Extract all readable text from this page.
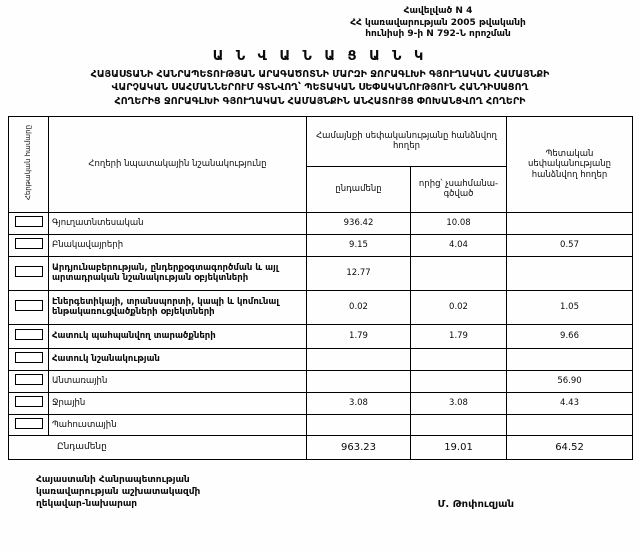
Հավելված N 4
ՀՀ կառավարության 2005 թվականի
հունիսի 9-ի N 792-Ն որոշման
Ա Ն Վ Ա Ն Ա Ց Ա Ն Կ
ՀԱՅԱՍՏԱՆԻ ՀԱՆՐԱՊԵՏՈՒԹՅԱՆ ԱՐԱԳԱԾՈՏՆԻ ՄԱՐԶԻ ՋՈՐԱԳԼԽԻ ԳՅՈՒՂԱԿԱՆ ՀԱՄԱՅՆՔԻ
ՎԱՐՉԱԿԱՆ ՍԱՀՄԱՆՆԵՐՈՒՄ ԳՏՆՎՈՂ՝ ՊԵՏԱԿԱՆ ՍԵՓԱԿԱՆՈՒԹՅՈՒՆ ՀԱՆԴԻՍԱՑՈՂ
ՀՈՂԵՐԻՑ ՋՈՐԱԳԼԽԻ ԳՅՈՒՂԱԿԱՆ ՀԱՄԱՅՆՔԻՆ ԱՆՀԱՏՈՒՅՑ ՓՈԽԱՆՑՎՈՂ ՀՈՂԵՐԻ
Հերթական համարը	Հողերի նպատակային նշանակությունը	Համայնքի սեփականությանը հանձնվող հողեր		Պետական սեփականությանը հանձնվող հողեր
		ընդամենը	որից՝ չսահմանա- գծված	
	Գյուղատնտեսական	936.42	10.08	
	Բնակավայրերի	9.15	4.04	0.57
	Արդյունաբերության, ընդերքօգտագործման և այլ արտադրական նշանակության օբյեկտների	12.77		
	Էներգետիկայի, տրանսպորտի, կապի և կոմունալ ենթակառուցվածքների օբյեկտների	0.02	0.02	1.05
	Հատուկ պահպանվող տարածքների	1.79	1.79	9.66
	Հատուկ նշանակության			
	Անտառային			56.90
	Ջրային	3.08	3.08	4.43
	Պահուստային			
Ընդամենը		963.23	19.01	64.52
Հայաստանի Հանրապետության
կառավարության աշխատակազմի
ղեկավար-նախարար	Մ. Թոփուզյան
